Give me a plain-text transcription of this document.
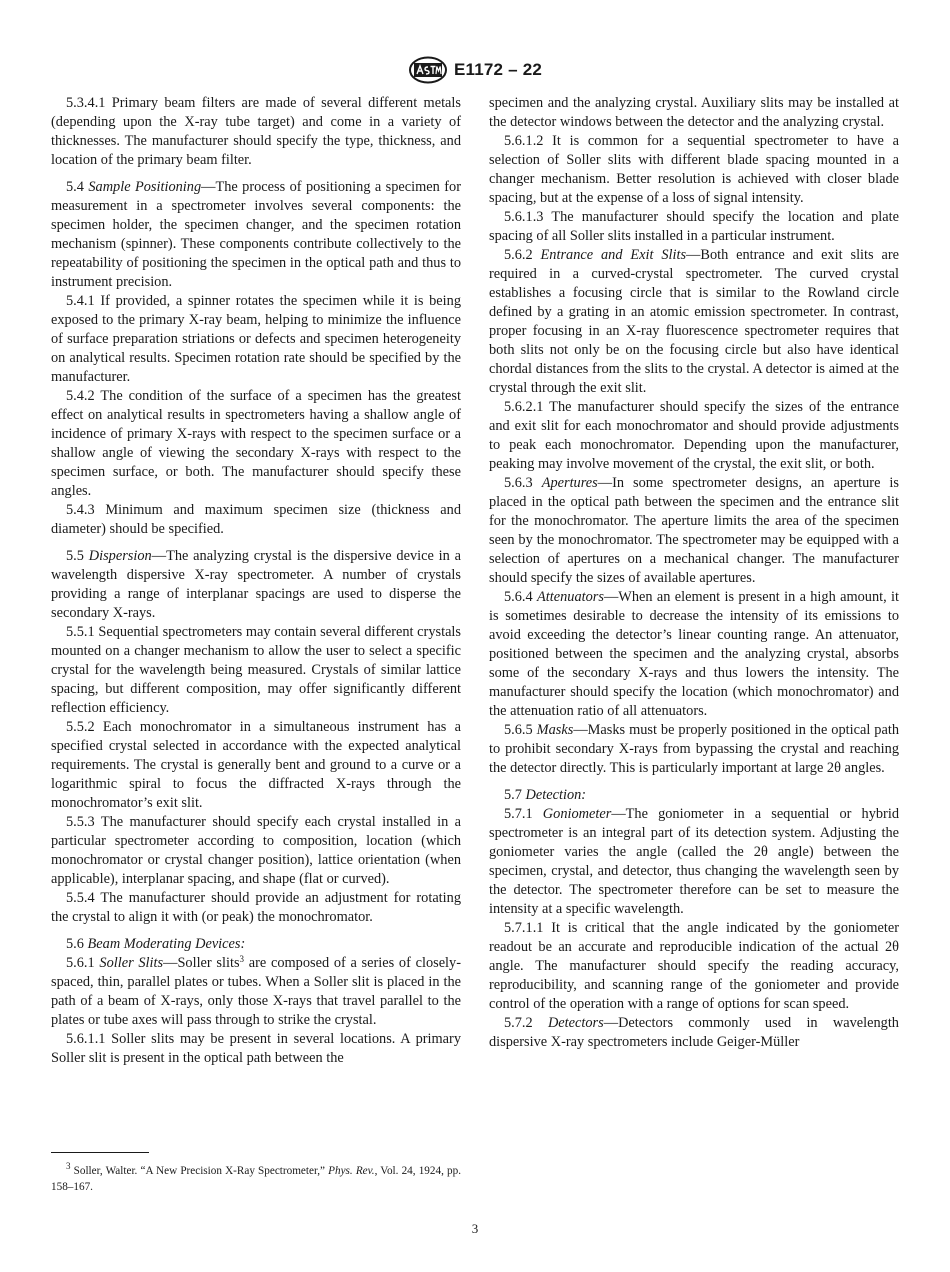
E1172 – 22

5.3.4.1 Primary beam filters are made of several different metals (depending upon the X-ray tube target) and come in a variety of thicknesses. The manufacturer should specify the type, thickness, and location of the primary beam filter.

5.4 Sample Positioning—The process of positioning a specimen for measurement in a spectrometer involves several components: the specimen holder, the specimen changer, and the specimen rotation mechanism (spinner). These components contribute collectively to the repeatability of positioning the specimen in the optical path and thus to instrument precision.

5.4.1 If provided, a spinner rotates the specimen while it is being exposed to the primary X-ray beam, helping to minimize the influence of surface preparation striations or defects and specimen heterogeneity on analytical results. Specimen rotation rate should be specified by the manufacturer.

5.4.2 The condition of the surface of a specimen has the greatest effect on analytical results in spectrometers having a shallow angle of incidence of primary X-rays with respect to the specimen surface or a shallow angle of viewing the secondary X-rays with respect to the specimen surface, or both. The manufacturer should specify these angles.

5.4.3 Minimum and maximum specimen size (thickness and diameter) should be specified.

5.5 Dispersion—The analyzing crystal is the dispersive device in a wavelength dispersive X-ray spectrometer. A number of crystals providing a range of interplanar spacings are used to disperse the secondary X-rays.

5.5.1 Sequential spectrometers may contain several different crystals mounted on a changer mechanism to allow the user to select a specific crystal for the wavelength being measured. Crystals of similar lattice spacing, but different composition, may offer significantly different reflection efficiency.

5.5.2 Each monochromator in a simultaneous instrument has a specified crystal selected in accordance with the expected analytical requirements. The crystal is generally bent and ground to a curve or a logarithmic spiral to focus the diffracted X-rays through the monochromator’s exit slit.

5.5.3 The manufacturer should specify each crystal installed in a particular spectrometer according to composition, location (which monochromator or crystal changer position), lattice orientation (when applicable), interplanar spacing, and shape (flat or curved).

5.5.4 The manufacturer should provide an adjustment for rotating the crystal to align it with (or peak) the monochromator.

5.6 Beam Moderating Devices:

5.6.1 Soller Slits—Soller slits$^3$ are composed of a series of closely-spaced, thin, parallel plates or tubes. When a Soller slit is placed in the path of a beam of X-rays, only those X-rays that travel parallel to the plates or tube axes will pass through to strike the crystal.

5.6.1.1 Soller slits may be present in several locations. A primary Soller slit is present in the optical path between the

specimen and the analyzing crystal. Auxiliary slits may be installed at the detector windows between the detector and the analyzing crystal.

5.6.1.2 It is common for a sequential spectrometer to have a selection of Soller slits with different blade spacing mounted in a changer mechanism. Better resolution is achieved with closer blade spacing, but at the expense of a loss of signal intensity.

5.6.1.3 The manufacturer should specify the location and plate spacing of all Soller slits installed in a particular instrument.

5.6.2 Entrance and Exit Slits—Both entrance and exit slits are required in a curved-crystal spectrometer. The curved crystal establishes a focusing circle that is similar to the Rowland circle defined by a grating in an atomic emission spectrometer. In contrast, proper focusing in an X-ray fluorescence spectrometer requires that both slits not only be on the focusing circle but also have identical chordal distances from the slits to the crystal. A detector is aimed at the crystal through the exit slit.

5.6.2.1 The manufacturer should specify the sizes of the entrance and exit slit for each monochromator and should provide adjustments to peak each monochromator. Depending upon the manufacturer, peaking may involve movement of the crystal, the exit slit, or both.

5.6.3 Apertures—In some spectrometer designs, an aperture is placed in the optical path between the specimen and the entrance slit for the monochromator. The aperture limits the area of the specimen seen by the monochromator. The spectrometer may be equipped with a selection of apertures on a mechanical changer. The manufacturer should specify the sizes of available apertures.

5.6.4 Attenuators—When an element is present in a high amount, it is sometimes desirable to decrease the intensity of its emissions to avoid exceeding the detector’s linear counting range. An attenuator, positioned between the specimen and the analyzing crystal, absorbs some of the secondary X-rays and thus lowers the intensity. The manufacturer should specify the location (which monochromator) and the attenuation ratio of all attenuators.

5.6.5 Masks—Masks must be properly positioned in the optical path to prohibit secondary X-rays from bypassing the crystal and reaching the detector directly. This is particularly important at large 2θ angles.

5.7 Detection:

5.7.1 Goniometer—The goniometer in a sequential or hybrid spectrometer is an integral part of its detection system. Adjusting the goniometer varies the angle (called the 2θ angle) between the specimen, crystal, and detector, thus changing the wavelength seen by the detector. The spectrometer therefore can be set to measure the intensity at a specific wavelength.

5.7.1.1 It is critical that the angle indicated by the goniometer readout be an accurate and reproducible indication of the actual 2θ angle. The manufacturer should specify the reading accuracy, reproducibility, and scanning range of the goniometer and provide control of the operation with a range of options for scan speed.

5.7.2 Detectors—Detectors commonly used in wavelength dispersive X-ray spectrometers include Geiger-Müller

$^3$ Soller, Walter. “A New Precision X-Ray Spectrometer,” Phys. Rev., Vol. 24, 1924, pp. 158–167.
3
